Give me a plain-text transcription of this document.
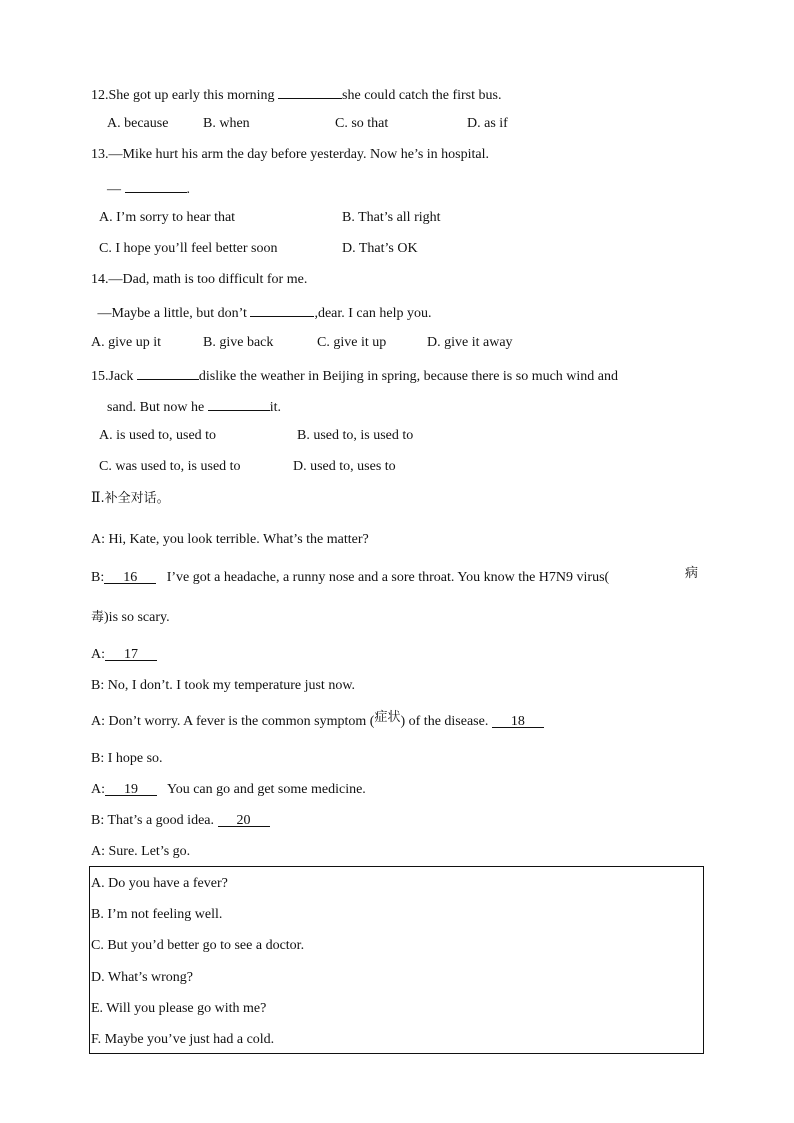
12.She got up early this morning	she could catch the first bus.
A. because B. when	C. so that	D. as if
13.—Mike hurt his arm the day before yesterday. Now he’s in hospital.
—	.
A. I’m sorry to hear that	B. That’s all right
C. I hope you’ll feel better soon	D. That’s OK
14.—Dad, math is too difficult for me.
—Maybe a little, but don’t	,dear. I can help you.
A. give up it	B. give back	C. give it up	D. give it away
15.Jack	dislike the weather in Beijing in spring, because there is so much wind and
sand. But now he	it.
A. is used to, used to	B. used to, is used to
C. was used to, is used to	D. used to, uses to
Ⅱ.补全对话。
A: Hi, Kate, you look terrible. What’s the matter?
B: 16   I’ve got a headache, a runny nose and a sore throat. You know the H7N9 virus(	病
毒)is so scary.
A: 17
B: No, I don’t. I took my temperature just now.
A: Don’t worry. A fever is the common symptom (症状) of the disease. 18
B: I hope so.
A: 19   You can go and get some medicine.
B: That’s a good idea. 20
A: Sure. Let’s go.
A. Do you have a fever?
B. I’m not feeling well.
C. But you’d better go to see a doctor.
D. What’s wrong?
E. Will you please go with me?
F. Maybe you’ve just had a cold.
